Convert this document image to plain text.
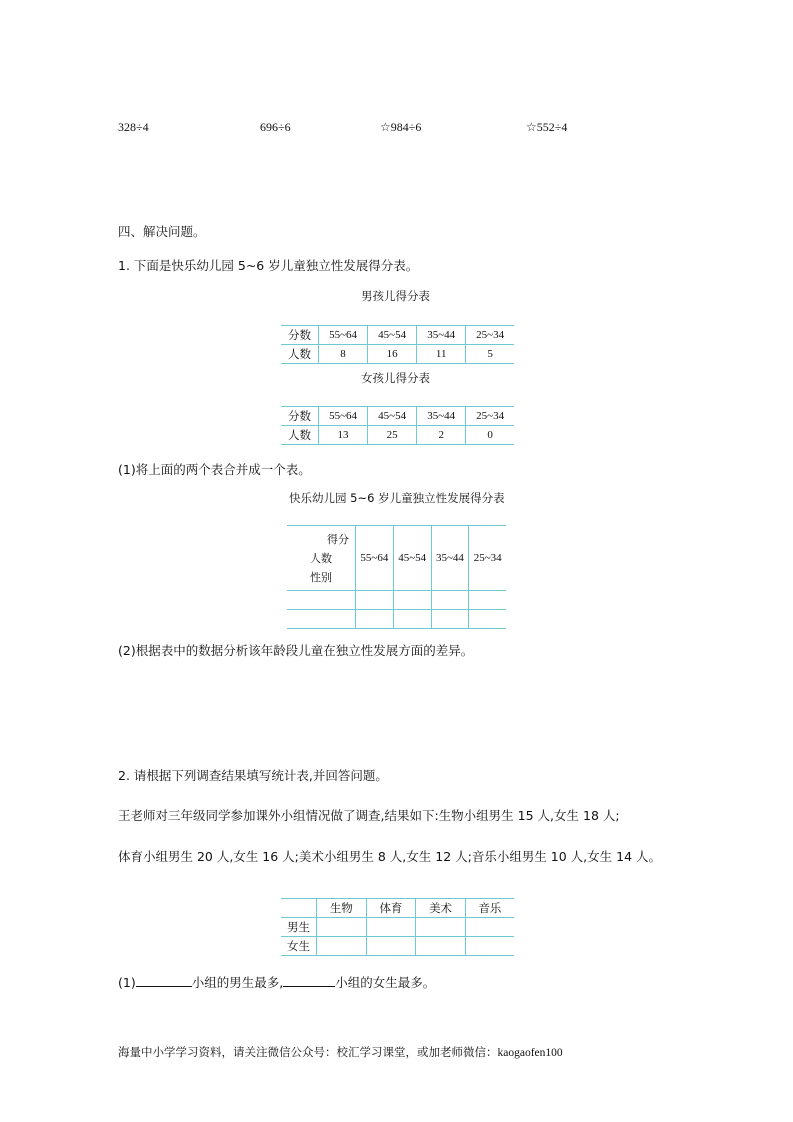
328÷4	696÷6	☆984÷6	☆552÷4
四、解决问题。
1. 下面是快乐幼儿园 5~6 岁儿童独立性发展得分表。
男孩儿得分表
分数	55~64	45~54	35~44	25~34
人数	8	16	11	5
女孩儿得分表
分数	55~64	45~54	35~44	25~34
人数	13	25	2	0
(1)将上面的两个表合并成一个表。
快乐幼儿园 5~6 岁儿童独立性发展得分表
得分
人数
性别	55~64	45~54	35~44	25~34

(2)根据表中的数据分析该年龄段儿童在独立性发展方面的差异。
2. 请根据下列调查结果填写统计表,并回答问题。
王老师对三年级同学参加课外小组情况做了调查,结果如下:生物小组男生 15 人,女生 18 人;
体育小组男生 20 人,女生 16 人;美术小组男生 8 人,女生 12 人;音乐小组男生 10 人,女生 14 人。
	生物	体育	美术	音乐
男生				
女生				
(1)	小组的男生最多,	小组的女生最多。
海量中小学学习资料，请关注微信公众号：校汇学习课堂，或加老师微信：kaogaofen100
